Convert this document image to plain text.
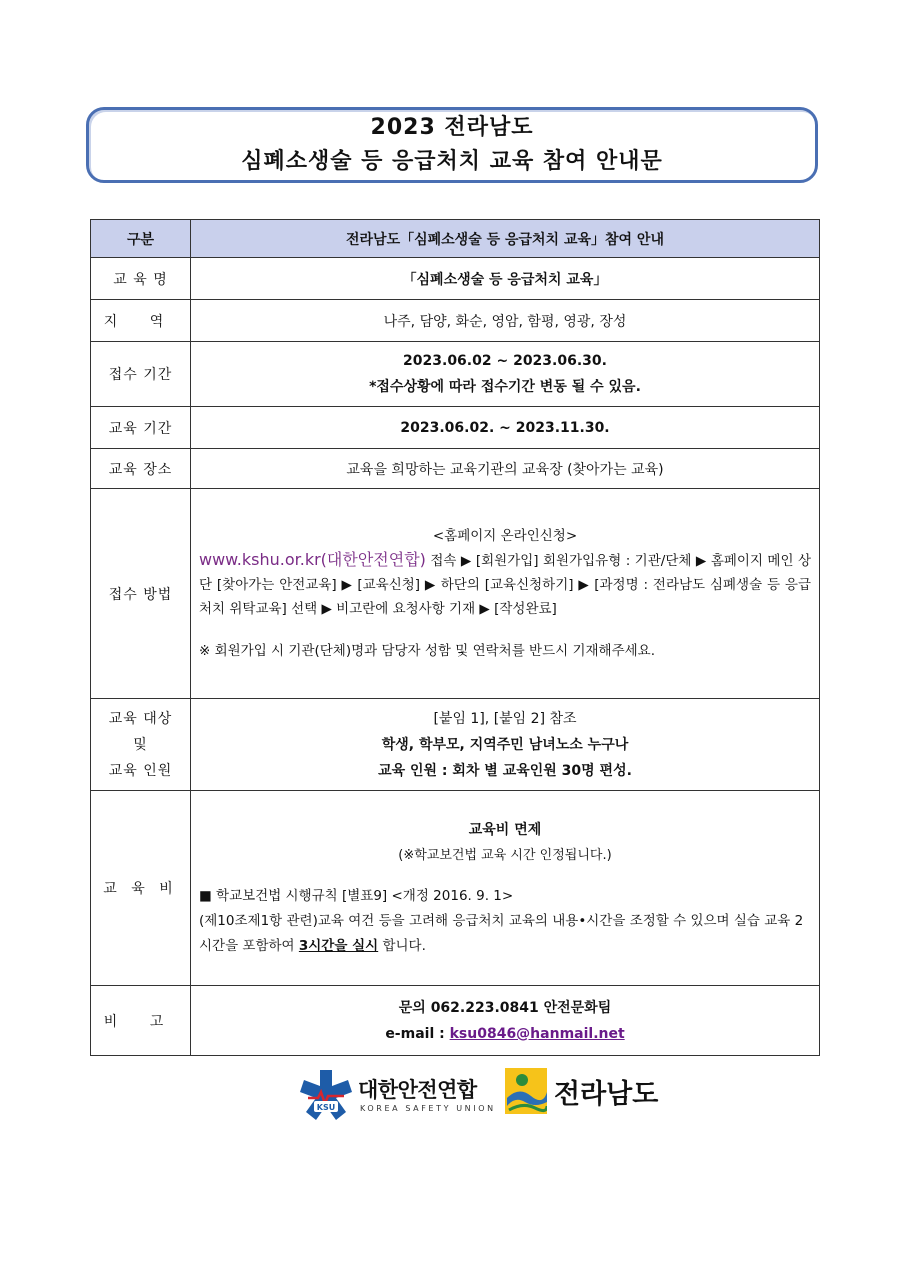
2023 전라남도
심폐소생술 등 응급처치 교육 참여 안내문
구분	전라남도「심폐소생술 등 응급처치 교육」참여 안내
교 육 명	「심폐소생술 등 응급처치 교육」
지 역	나주, 담양, 화순, 영암, 함평, 영광, 장성
접수 기간	2023.06.02 ~ 2023.06.30.
*접수상황에 따라 접수기간 변동 될 수 있음.

교육 기간	2023.06.02. ~ 2023.11.30.
교육 장소	교육을 희망하는 교육기관의 교육장 (찾아가는 교육)
접수 방법	<홈페이지 온라인신청>

www.kshu.or.kr(대한안전연합) 접속 ▶ [회원가입] 회원가입유형 : 기관/단체 ▶ 홈페이지 메인 상단 [찾아가는 안전교육] ▶ [교육신청] ▶ 하단의 [교육신청하기] ▶ [과정명 : 전라남도 심폐생술 등 응급처치 위탁교육] 선택 ▶ 비고란에 요청사항 기재 ▶ [작성완료]

※ 회원가입 시 기관(단체)명과 담당자 성함 및 연락처를 반드시 기재해주세요.

교육 대상
및
교육 인원	[붙임 1], [붙임 2] 참조
학생, 학부모, 지역주민 남녀노소 누구나
교육 인원 : 회차 별 교육인원 30명 편성.

교 육 비	교육비 면제
(※학교보건법 교육 시간 인정됩니다.)
■ 학교보건법 시행규칙 [별표9] <개정 2016. 9. 1>
(제10조제1항 관련)교육 여건 등을 고려해 응급처치 교육의 내용•시간을 조정할 수 있으며 실습 교육 2시간을 포함하여 3시간을 실시 합니다.

비 고	문의 062.223.0841 안전문화팀
e-mail : ksu0846@hanmail.net
KSU
대한안전연합
KOREA SAFETY UNION 전라남도
